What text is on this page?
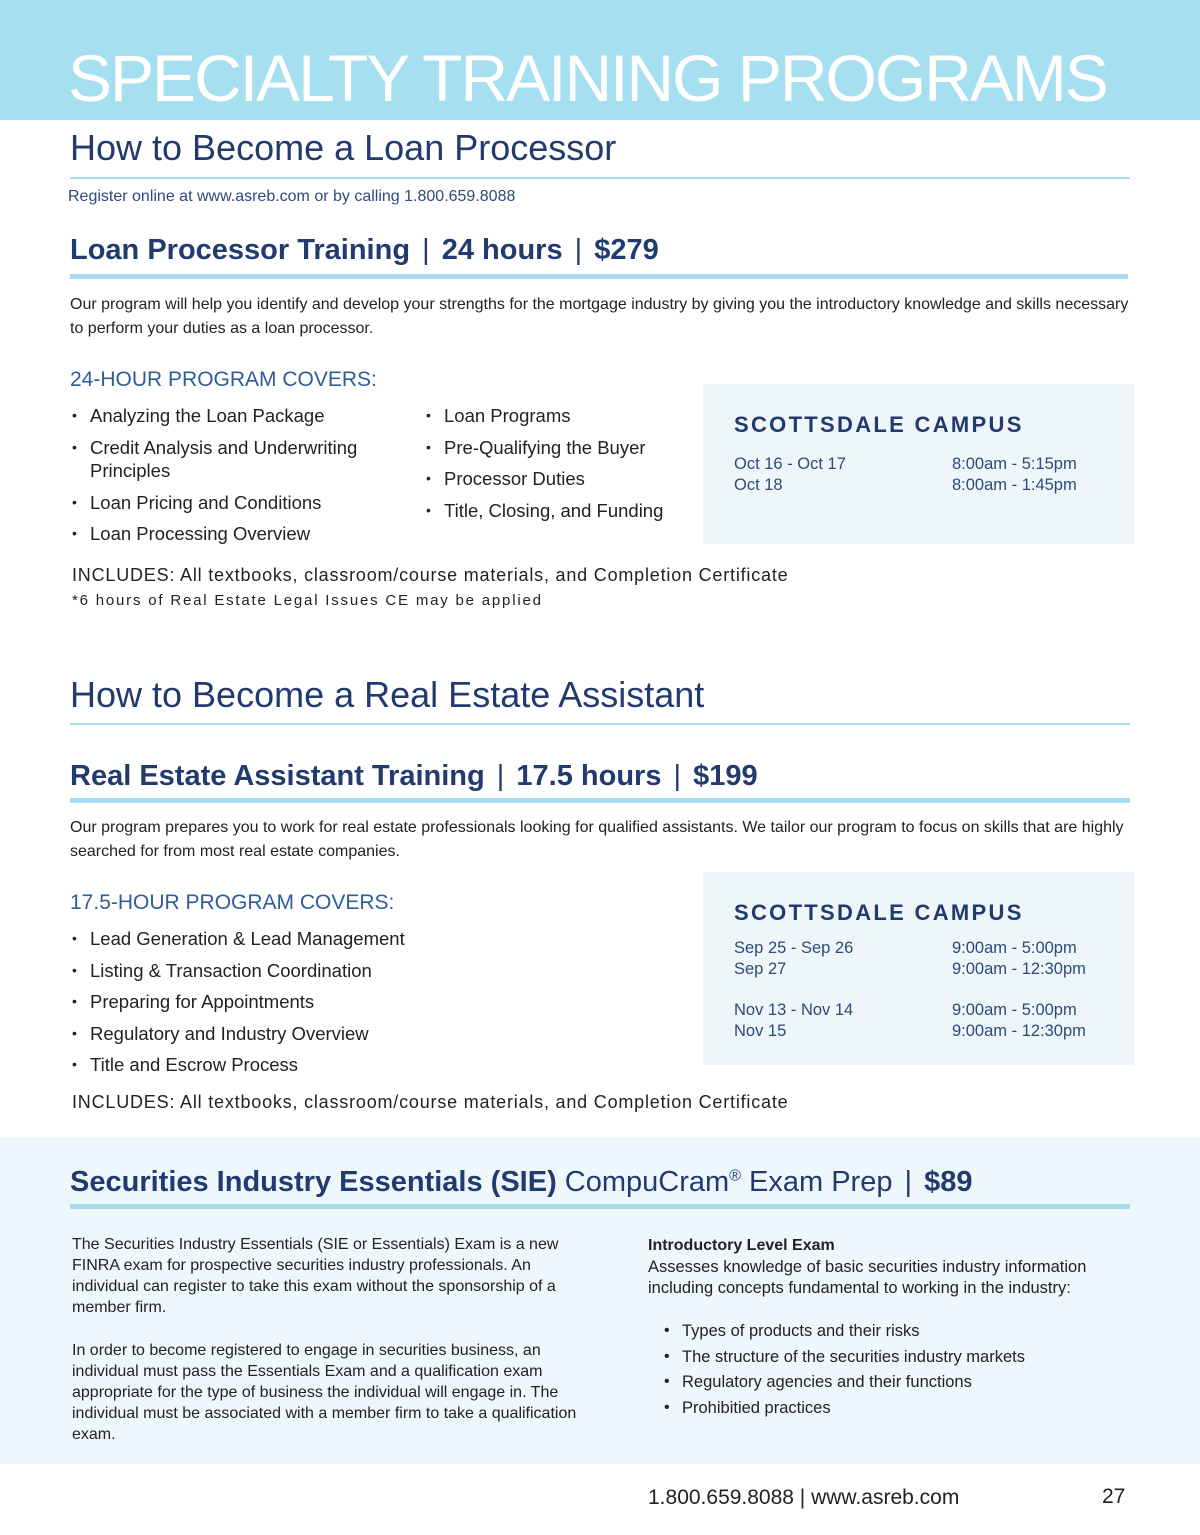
SPECIALTY TRAINING PROGRAMS
How to Become a Loan Processor
Register online at www.asreb.com or by calling 1.800.659.8088
Loan Processor Training | 24 hours | $279
Our program will help you identify and develop your strengths for the mortgage industry by giving you the introductory knowledge and skills necessary to perform your duties as a loan processor.
24-HOUR PROGRAM COVERS:
• Analyzing the Loan Package
• Credit Analysis and Underwriting Principles
• Loan Pricing and Conditions
• Loan Processing Overview
• Loan Programs
• Pre-Qualifying the Buyer
• Processor Duties
• Title, Closing, and Funding
SCOTTSDALE CAMPUS
Oct 16 - Oct 17	8:00am - 5:15pm
Oct 18	8:00am - 1:45pm
INCLUDES: All textbooks, classroom/course materials, and Completion Certificate
*6 hours of Real Estate Legal Issues CE may be applied
How to Become a Real Estate Assistant
Real Estate Assistant Training | 17.5 hours | $199
Our program prepares you to work for real estate professionals looking for qualified assistants. We tailor our program to focus on skills that are highly searched for from most real estate companies.
17.5-HOUR PROGRAM COVERS:
• Lead Generation & Lead Management
• Listing & Transaction Coordination
• Preparing for Appointments
• Regulatory and Industry Overview
• Title and Escrow Process
SCOTTSDALE CAMPUS
Sep 25 - Sep 26	9:00am - 5:00pm
Sep 27	9:00am - 12:30pm
Nov 13 - Nov 14	9:00am - 5:00pm
Nov 15	9:00am - 12:30pm
INCLUDES: All textbooks, classroom/course materials, and Completion Certificate
Securities Industry Essentials (SIE) CompuCram® Exam Prep | $89
The Securities Industry Essentials (SIE or Essentials) Exam is a new FINRA exam for prospective securities industry professionals. An individual can register to take this exam without the sponsorship of a member firm.
In order to become registered to engage in securities business, an individual must pass the Essentials Exam and a qualification exam appropriate for the type of business the individual will engage in. The individual must be associated with a member firm to take a qualification exam.
Introductory Level Exam
Assesses knowledge of basic securities industry information including concepts fundamental to working in the industry:
• Types of products and their risks
• The structure of the securities industry markets
• Regulatory agencies and their functions
• Prohibitied practices
1.800.659.8088 | www.asreb.com	27
